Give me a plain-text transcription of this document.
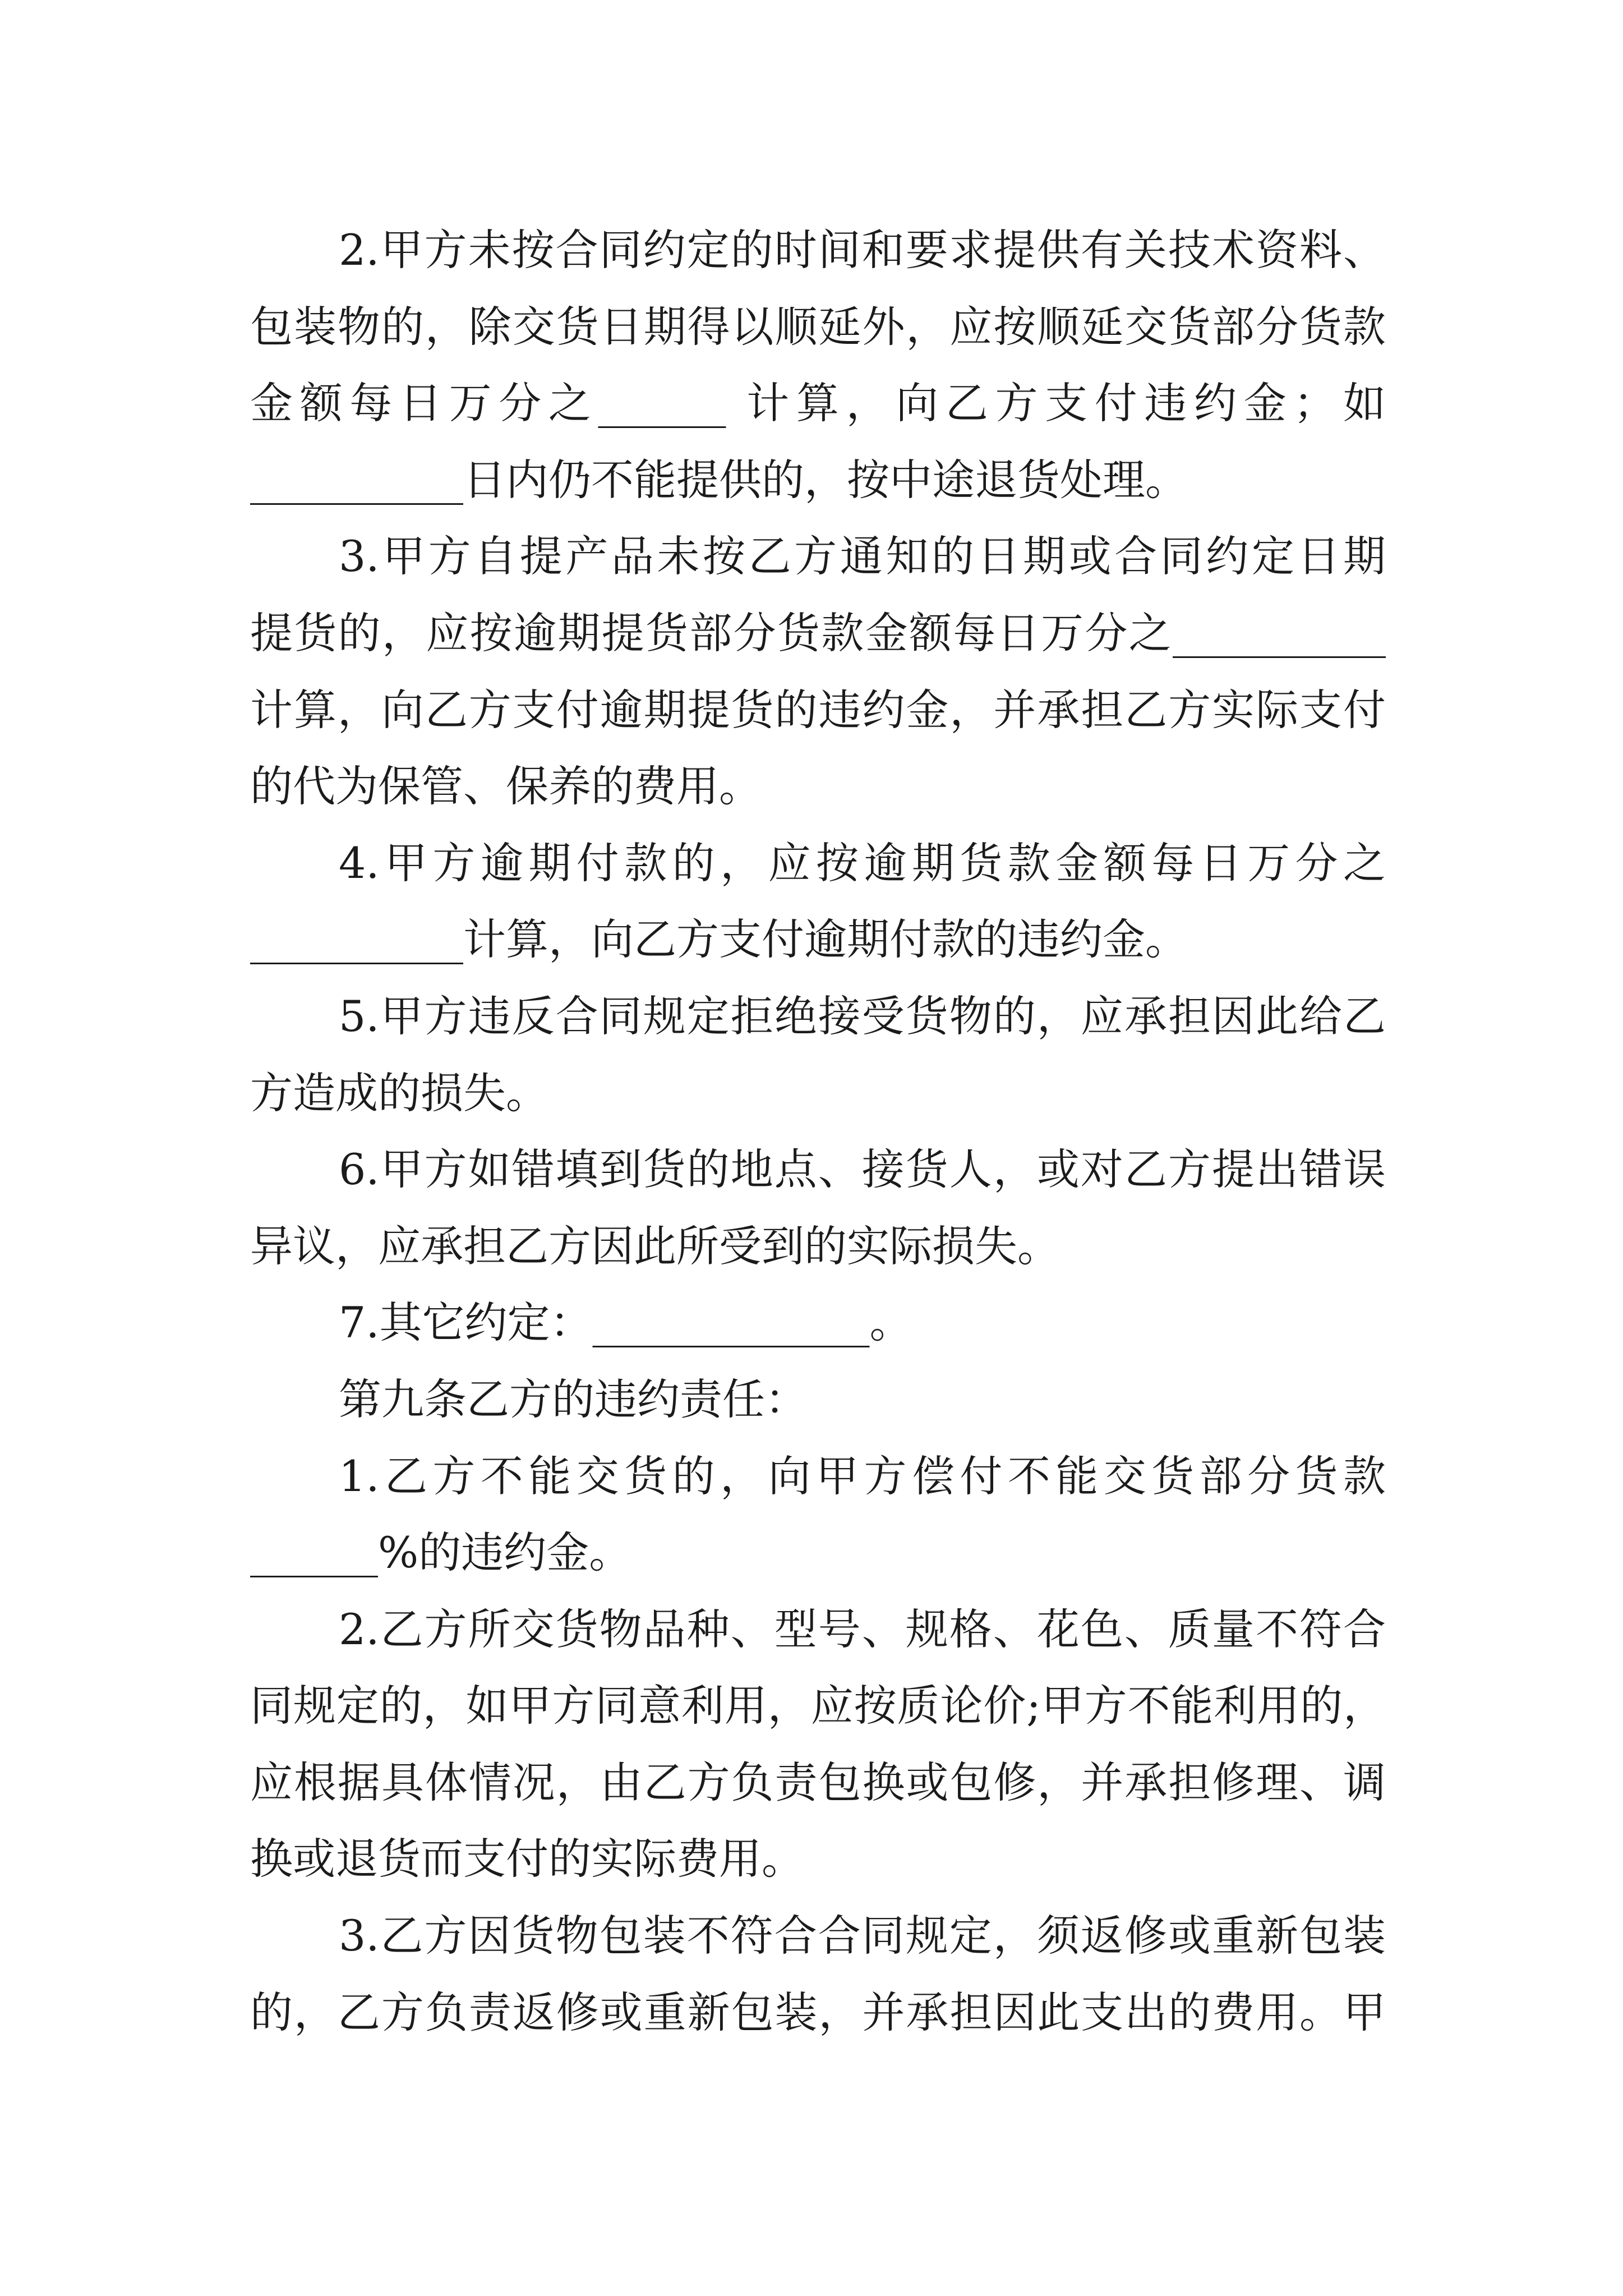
2.甲方未按合同约定的时间和要求提供有关技术资料、
包装物的，除交货日期得以顺延外，应按顺延交货部分货款
金额每日万分之______ 计算，向乙方支付违约金；如
__________日内仍不能提供的，按中途退货处理。
3.甲方自提产品未按乙方通知的日期或合同约定日期
提货的，应按逾期提货部分货款金额每日万分之__________
计算，向乙方支付逾期提货的违约金，并承担乙方实际支付
的代为保管、保养的费用。
4.甲方逾期付款的，应按逾期货款金额每日万分之
__________计算，向乙方支付逾期付款的违约金。
5.甲方违反合同规定拒绝接受货物的，应承担因此给乙
方造成的损失。
6.甲方如错填到货的地点、接货人，或对乙方提出错误
异议，应承担乙方因此所受到的实际损失。
7.其它约定：_____________。
第九条乙方的违约责任：
1.乙方不能交货的，向甲方偿付不能交货部分货款
______%的违约金。
2.乙方所交货物品种、型号、规格、花色、质量不符合
同规定的，如甲方同意利用，应按质论价;甲方不能利用的，
应根据具体情况，由乙方负责包换或包修，并承担修理、调
换或退货而支付的实际费用。
3.乙方因货物包装不符合合同规定，须返修或重新包装
的，乙方负责返修或重新包装，并承担因此支出的费用。甲
